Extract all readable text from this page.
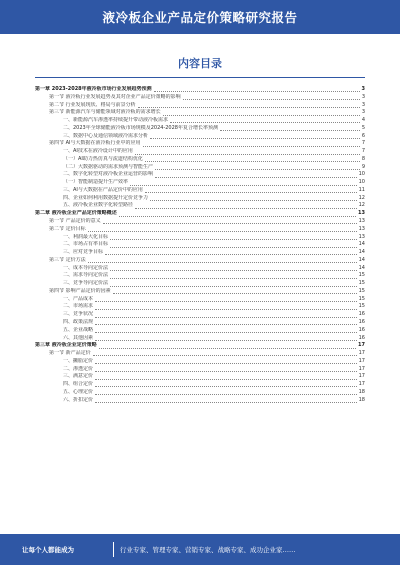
液冷板企业产品定价策略研究报告
内容目录
第一章 2023-2028年液冷板市场行业发展趋势预测	3
第一节 液冷板行业发展趋势及其对企业产品定价策略的影响	3
第二节 行业发展现状、格局与前景分析	3
第三节 新能源汽车与储能领域对液冷板的需求增长	3
一、新能源汽车渗透率持续提升带动液冷板需求	4
二、2023年全球储能液冷板市场规模及2024-2028年复合增长率预测	5
三、数据中心及通信领域液冷需求分析	6
第四节 AI与大数据在液冷板行业中的应用	7
一、AI技术在液冷设计中的应用	7
（一）AI助力热仿真与流道结构优化	8
（二）大数据驱动的需求预测与智能生产	9
二、数字化转型对液冷板企业运营的影响	10
（一）智能制造提升生产效率	10
三、AI与大数据在产品定价中的应用	11
四、企业如何利用数据提升定价竞争力	12
五、液冷板企业数字化转型路径	12
第二章 液冷板企业产品定价策略概述	13
第一节 产品定价的意义	13
第二节 定价目标	13
一、利润最大化目标	13
二、市场占有率目标	14
三、应对竞争目标	14
第三节 定价方法	14
一、成本导向定价法	14
二、需求导向定价法	15
三、竞争导向定价法	15
第四节 影响产品定价的因素	15
一、产品成本	15
二、市场需求	15
三、竞争状况	16
四、政策法规	16
五、企业战略	16
六、其他因素	16
第三章 液冷板企业定价策略	17
第一节 新产品定价	17
一、撇脂定价	17
二、渗透定价	17
三、满意定价	17
四、组合定价	17
五、心理定价	18
六、折扣定价	18
让每个人都能成为	行业专家、管理专家、营销专家、战略专家、成功企业家……
